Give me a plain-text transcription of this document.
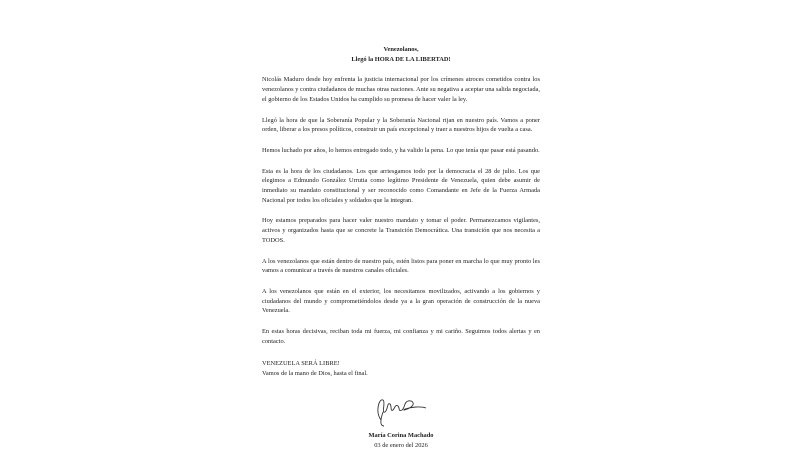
Venezolanos,
Llegó la HORA DE LA LIBERTAD!
Nicolás Maduro desde hoy enfrenta la justicia internacional por los crímenes atroces cometidos contra los venezolanos y contra ciudadanos de muchas otras naciones. Ante su negativa a aceptar una salida negociada, el gobierno de los Estados Unidos ha cumplido su promesa de hacer valer la ley.
Llegó la hora de que la Soberanía Popular y la Soberanía Nacional rijan en nuestro país. Vamos a poner orden, liberar a los presos políticos, construir un país excepcional y traer a nuestros hijos de vuelta a casa.
Hemos luchado por años, lo hemos entregado todo, y ha valido la pena. Lo que tenía que pasar está pasando.
Esta es la hora de los ciudadanos. Los que arriesgamos todo por la democracia el 28 de julio. Los que elegimos a Edmundo González Urrutia como legítimo Presidente de Venezuela, quien debe asumir de inmediato su mandato constitucional y ser reconocido como Comandante en Jefe de la Fuerza Armada Nacional por todos los oficiales y soldados que la integran.
Hoy estamos preparados para hacer valer nuestro mandato y tomar el poder. Permanezcamos vigilantes, activos y organizados hasta que se concrete la Transición Democrática. Una transición que nos necesita a TODOS.
A los venezolanos que están dentro de nuestro país, estén listos para poner en marcha lo que muy pronto les vamos a comunicar a través de nuestros canales oficiales.
A los venezolanos que están en el exterior, los necesitamos movilizados, activando a los gobiernos y ciudadanos del mundo y comprometiéndolos desde ya a la gran operación de construcción de la nueva Venezuela.
En estas horas decisivas, reciban toda mi fuerza, mi confianza y mi cariño. Seguimos todos alertas y en contacto.
VENEZUELA SERÁ LIBRE!
Vamos de la mano de Dios, hasta el final.
María Corina Machado
03 de enero del 2026
